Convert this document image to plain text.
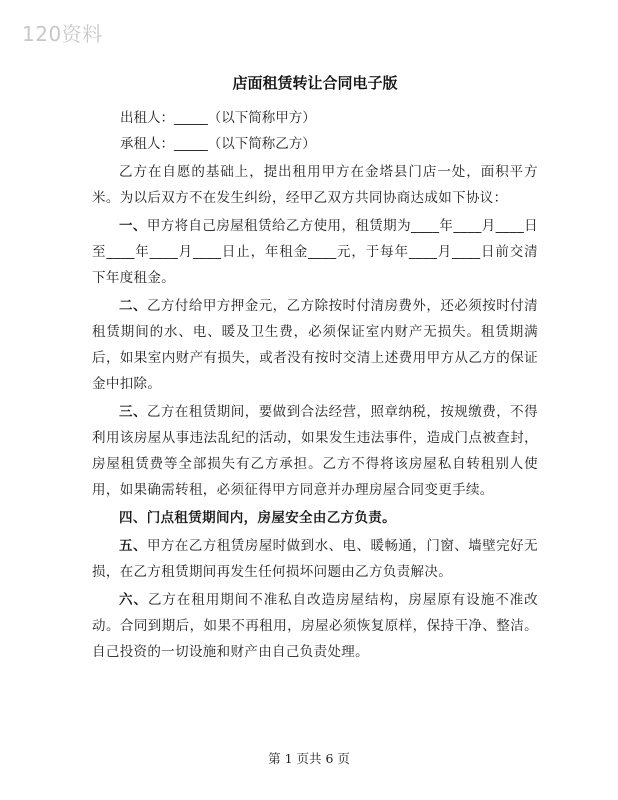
120资料
店面租赁转让合同电子版
出租人：_____（以下简称甲方）
承租人：_____（以下简称乙方）
乙方在自愿的基础上，提出租用甲方在金塔县门店一处，面积平方米。为以后双方不在发生纠纷，经甲乙双方共同协商达成如下协议：
一、甲方将自己房屋租赁给乙方使用，租赁期为____年____月____日至____年____月____日止，年租金____元，于每年____月____日前交清下年度租金。
二、乙方付给甲方押金元，乙方除按时付清房费外，还必须按时付清租赁期间的水、电、暖及卫生费，必须保证室内财产无损失。租赁期满后，如果室内财产有损失，或者没有按时交清上述费用甲方从乙方的保证金中扣除。
三、乙方在租赁期间，要做到合法经营，照章纳税，按规缴费，不得利用该房屋从事违法乱纪的活动，如果发生违法事件，造成门点被查封，房屋租赁费等全部损失有乙方承担。乙方不得将该房屋私自转租别人使用，如果确需转租，必须征得甲方同意并办理房屋合同变更手续。
四、门点租赁期间内，房屋安全由乙方负责。
五、甲方在乙方租赁房屋时做到水、电、暖畅通，门窗、墙壁完好无损，在乙方租赁期间再发生任何损坏问题由乙方负责解决。
六、乙方在租用期间不准私自改造房屋结构，房屋原有设施不准改动。合同到期后，如果不再租用，房屋必须恢复原样，保持干净、整洁。自己投资的一切设施和财产由自己负责处理。
第 1 页共 6 页
